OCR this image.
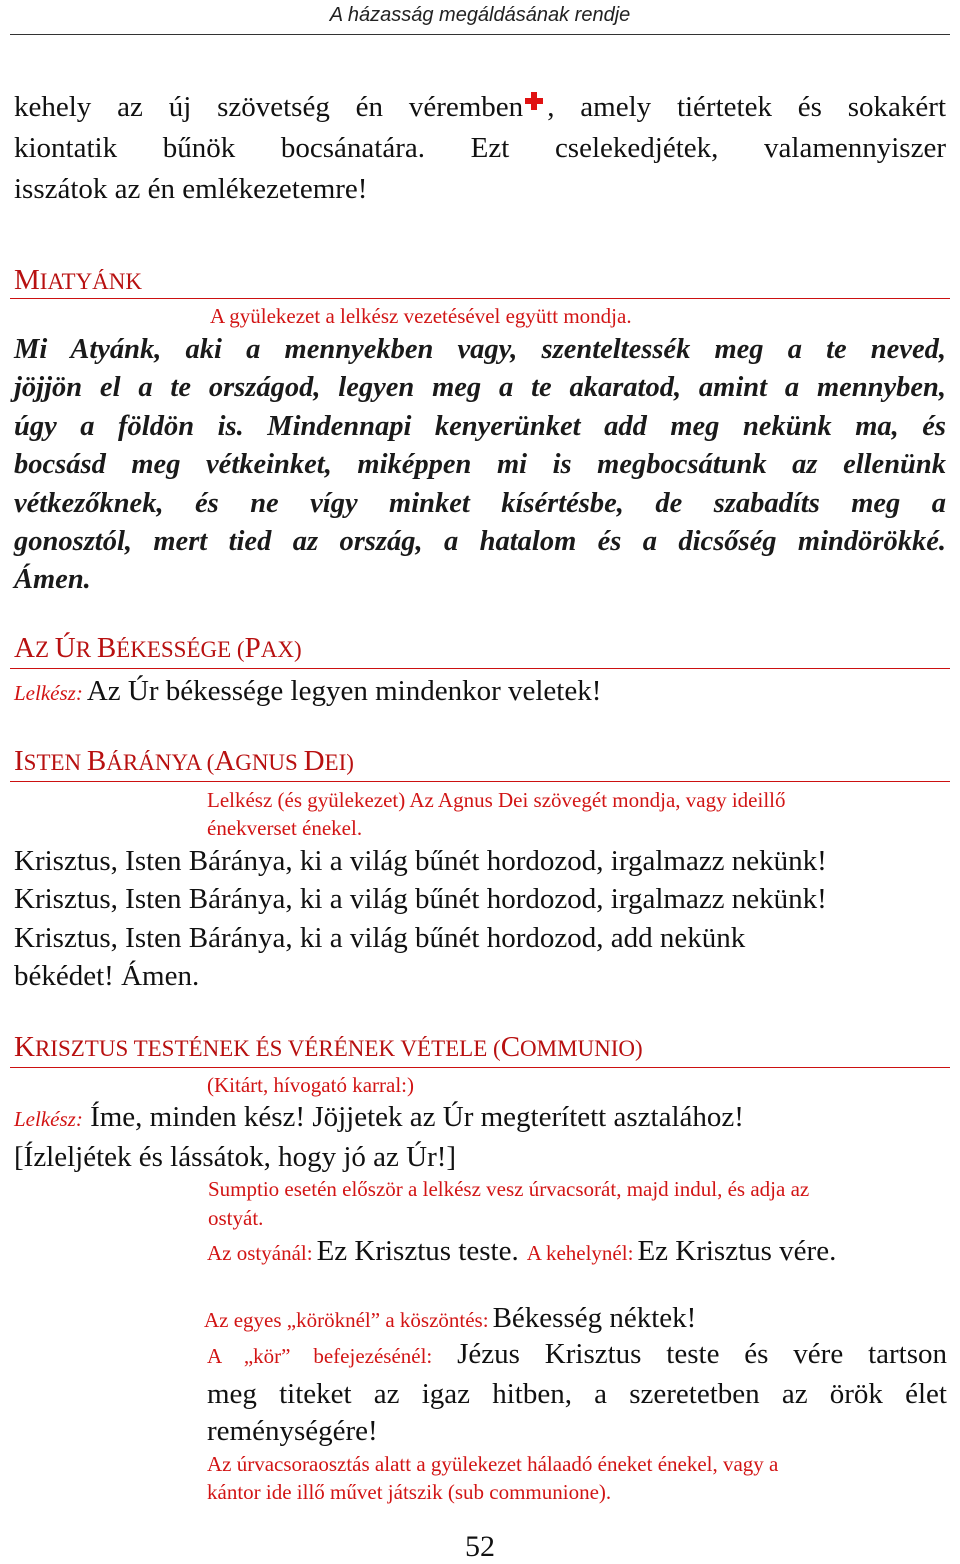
A házasság megáldásának rendje
kehely az új szövetség én véremben , amely tiértetek és sokakért
kiontatik bűnök bocsánatára. Ezt cselekedjétek, valamennyiszer
isszátok az én emlékezetemre!
MIATYÁNK
A gyülekezet a lelkész vezetésével együtt mondja.
Mi Atyánk, aki a mennyekben vagy, szenteltessék meg a te neved,
jöjjön el a te országod, legyen meg a te akaratod, amint a mennyben,
úgy a földön is. Mindennapi kenyerünket add meg nekünk ma, és
bocsásd meg vétkeinket, miképpen mi is megbocsátunk az ellenünk
vétkezőknek, és ne vígy minket kísértésbe, de szabadíts meg a
gonosztól, mert tied az ország, a hatalom és a dicsőség mindörökké.
Ámen.
AZ ÚR BÉKESSÉGE (PAX)
Lelkész: Az Úr békessége legyen mindenkor veletek!
ISTEN BÁRÁNYA (AGNUS DEI)
Lelkész (és gyülekezet) Az Agnus Dei szövegét mondja, vagy ideillő
énekverset énekel.
Krisztus, Isten Báránya, ki a világ bűnét hordozod, irgalmazz nekünk!
Krisztus, Isten Báránya, ki a világ bűnét hordozod, irgalmazz nekünk!
Krisztus, Isten Báránya, ki a világ bűnét hordozod, add nekünk
békédet! Ámen.
KRISZTUS TESTÉNEK ÉS VÉRÉNEK VÉTELE (COMMUNIO)
(Kitárt, hívogató karral:)
Lelkész: Íme, minden kész! Jöjjetek az Úr megterített asztalához!
[Ízleljétek és lássátok, hogy jó az Úr!]
Sumptio esetén először a lelkész vesz úrvacsorát, majd indul, és adja az
ostyát.
Az ostyánál: Ez Krisztus teste. A kehelynél: Ez Krisztus vére.
Az egyes „köröknél” a köszöntés: Békesség néktek!
A „kör” befejezésénél: Jézus Krisztus teste és vére tartson
meg titeket az igaz hitben, a szeretetben az örök élet
reménységére!
Az úrvacsoraosztás alatt a gyülekezet hálaadó éneket énekel, vagy a
kántor ide illő művet játszik (sub communione).
52
